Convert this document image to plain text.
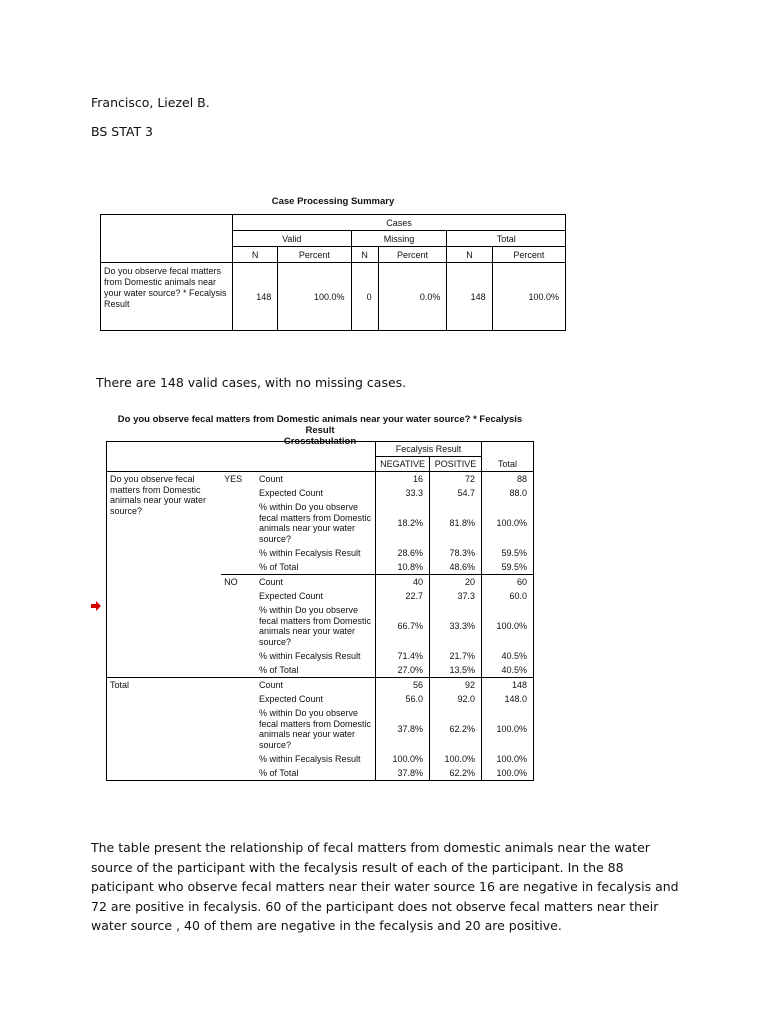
Francisco, Liezel B.
BS STAT 3
Case Processing Summary
	Cases					
	Valid		Missing		Total	
	N	Percent	N	Percent	N	Percent
Do you observe fecal matters from Domestic animals near your water source? * Fecalysis Result	148	100.0%	0	0.0%	148	100.0%
There are 148 valid cases, with no missing cases.
Do you observe fecal matters from Domestic animals near your water source? * Fecalysis Result
Crosstabulation
			Fecalysis Result		Total
			NEGATIVE	POSITIVE	
Do you observe fecal matters from Domestic animals near your water source?	YES	Count	16	72	88
		Expected Count	33.3	54.7	88.0
		% within Do you observe fecal matters from Domestic animals near your water source?	18.2%	81.8%	100.0%
		% within Fecalysis Result	28.6%	78.3%	59.5%
		% of Total	10.8%	48.6%	59.5%
	NO	Count	40	20	60
		Expected Count	22.7	37.3	60.0
		% within Do you observe fecal matters from Domestic animals near your water source?	66.7%	33.3%	100.0%
		% within Fecalysis Result	71.4%	21.7%	40.5%
		% of Total	27.0%	13.5%	40.5%
Total		Count	56	92	148
		Expected Count	56.0	92.0	148.0
		% within Do you observe fecal matters from Domestic animals near your water source?	37.8%	62.2%	100.0%
		% within Fecalysis Result	100.0%	100.0%	100.0%
		% of Total	37.8%	62.2%	100.0%
The table present the relationship of fecal matters from domestic animals near the water source of the participant with the fecalysis result of each of the participant. In the 88 paticipant who observe fecal matters near their water source 16 are negative in fecalysis and 72 are positive in fecalysis. 60 of the participant does not observe fecal matters near their water source , 40 of them are negative in the fecalysis and 20 are positive.
